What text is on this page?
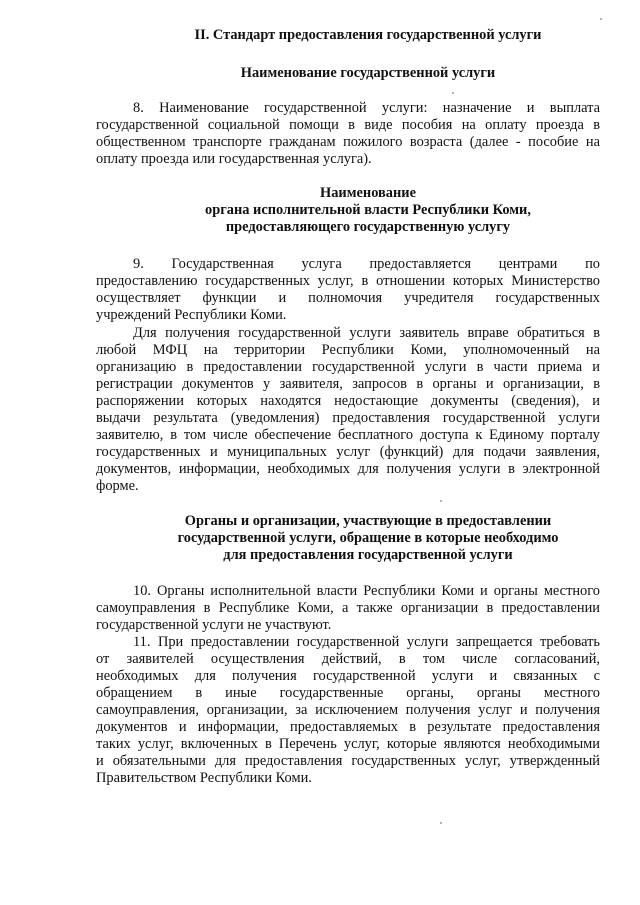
II. Стандарт предоставления государственной услуги
Наименование государственной услуги
8. Наименование государственной услуги: назначение и выплата
государственной социальной помощи в виде пособия на оплату проезда в
общественном транспорте гражданам пожилого возраста (далее - пособие на
оплату проезда или государственная услуга).
Наименование
органа исполнительной власти Республики Коми,
предоставляющего государственную услугу
9. Государственная услуга предоставляется центрами по
предоставлению государственных услуг, в отношении которых Министерство
осуществляет функции и полномочия учредителя государственных
учреждений Республики Коми.
Для получения государственной услуги заявитель вправе обратиться в
любой МФЦ на территории Республики Коми, уполномоченный на
организацию в предоставлении государственной услуги в части приема и
регистрации документов у заявителя, запросов в органы и организации, в
распоряжении которых находятся недостающие документы (сведения), и
выдачи результата (уведомления) предоставления государственной услуги
заявителю, в том числе обеспечение бесплатного доступа к Единому порталу
государственных и муниципальных услуг (функций) для подачи заявления,
документов, информации, необходимых для получения услуги в электронной
форме.
Органы и организации, участвующие в предоставлении
государственной услуги, обращение в которые необходимо
для предоставления государственной услуги
10. Органы исполнительной власти Республики Коми и органы местного
самоуправления в Республике Коми, а также организации в предоставлении
государственной услуги не участвуют.
11. При предоставлении государственной услуги запрещается требовать
от заявителей осуществления действий, в том числе согласований,
необходимых для получения государственной услуги и связанных с
обращением в иные государственные органы, органы местного
самоуправления, организации, за исключением получения услуг и получения
документов и информации, предоставляемых в результате предоставления
таких услуг, включенных в Перечень услуг, которые являются необходимыми
и обязательными для предоставления государственных услуг, утвержденный
Правительством Республики Коми.
